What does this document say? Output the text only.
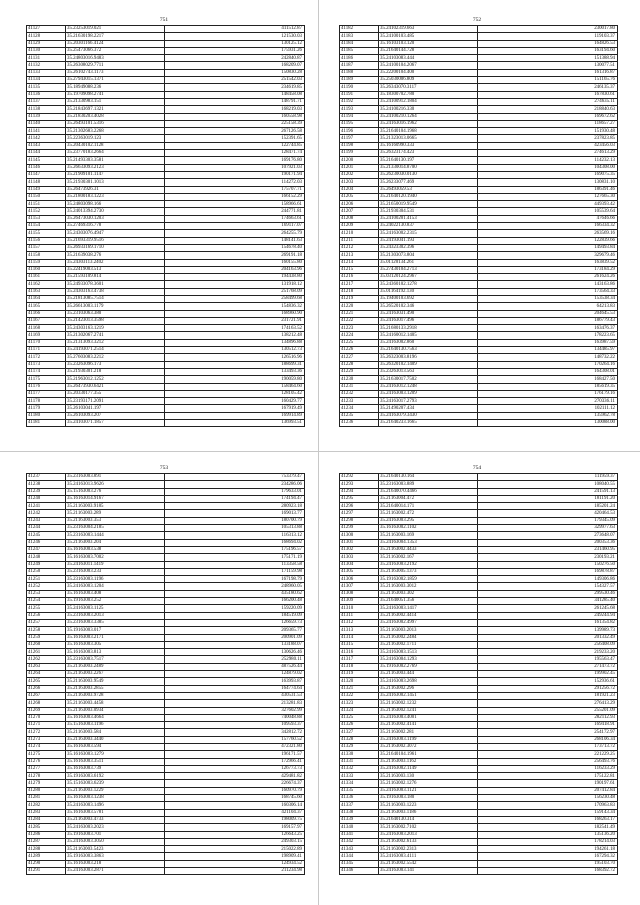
751
41127	35.23253019.021	411512.87
41128	35.21630198.2217	121530.03
41129	35.20301166.4124	130125.12
41130	35.25473066.372	175931.26
41131	35.24803016.9483	242840.87
41132	35.26308029.7711	168209.07
41133	35.26102743.1173	150830.28
41134	35.27943015.1371	251542.03
41135	35.18949088.236	234619.85
41136	35.19709098.2741	148458.08
41137	35.21330983.151	148791.71
41138	35.21843697.1321	168219.03
41139	35.21830203.4028	160558.98
41140	35.26493101.5316	225158.39
41141	35.21302683.2268	267126.58
41142	35.22363019.123	152391.65
41143	35.20430102.1128	122744.85
41144	35.23770183.2664	128471.74
41145	35.21493303.3581	169176.80
41146	35.26633093.2123	107921.03
41147	35.21909101.1147	190171.94
41148	35.21930301.1013	114272.03
41149	35.26473926.31	175707.71
41150	35.21800183.1223	166152.29
41151	35.24803098.166	158966.61
41152	35.24013394.2730	244771.81
41153	35.26473030.1203	174663.61
41154	35.27469316.778	169117.07
41155	35.24303076.4947	264255.79
41156	35.21693319.9516	148141.63
41157	35.26933169.1710	154678.40
41158	35.21639038.276	269191.18
41159	35.24303113.2402	160155.80
41160	35.22419003.513	204163.96
41161	35.21593109.814	194438.80
41162	35.24933078.3601	131918.12
41163	35.24303163.4738	251768.09
41164	35.21813085.7514	258499.68
41165	35.26613003.1179	154836.32
41166	35.23103063.380	168960.90
41167	35.21423013.3598	231721.91
41168	35.24303163.1219	174163.52
41169	35.21302067.2741	138212.48
41170	35.21313093.3212	134896.88
41171	35.24193071.2514	130512.73
41172	35.27603083.2212	126516.96
41173	35.23263096.173	188699.31
41174	35.21930301.218	133493.36
41175	35.21963012.1252	190059.80
41176	35.26473930.6421	158464.60
41177	35.20330177.355	128105.42
41178	35.23193171.2091	160429.77
41179	35.26103041.197	167919.49
41180	35.26103093.207	169914.89
41181	35.24103071.1857	136993.51
752
41182	35.24102319.663	230017.80
41183	35.24100103.485	119103.37
41184	35.16103103.120	164826.53
41185	35.21640144.728	163194.60
41186	35.24103083.444	151388.94
41187	35.24100104.2067	130077.51
41188	35.22200104.400	161316.87
41189	35.25030006.809	151165.76
41190	35.26343070.3117	246135.37
41191	35.18300702.780	167830.61
41192	35.24100912.1804	274635.11
41193	35.24100216.330	218840.63
41194	35.24100210.1264	169672.62
41195	35.24163016.1962	118657.27
41196	35.21640104.1968	151930.48
41197	35.21323013.0665	237823.85
41198	35.16160990.333	423456.03
41199	35.26323174.423	274613.29
41200	35.21640130.197	114232.13
41201	35.21330014.8700	104308.00
41202	35.26230030.0130	169075.35
41203	35.26233077.469	130831.10
41204	35.26493059.53	186391.46
41205	35.21640120.1940	127665.30
41206	35.21650019.9549	449393.42
41207	35.21930304.531	105539.64
41208	35.24100201.4153	47646.66
41209	35.24022130.837	166334.32
41210	35.24163002.2315	263569.16
41211	35.24193041.193	122839.66
41212	35.24323302.396	149493.84
41213	35.21303073.804	329679.46
41214	35.01120134.261	163839.52
41215	35.27430104.2713	173184.29
41216	35.03120124.2967	261624.26
41217	35.24360102.1278	143163.86
41218	35.01164192.130	173564.33
41219	35.19400103.692	153538.34
41220	35.26520102.346	64213.83
41221	35.24163031.490	204645.53
41222	35.24163017.496	186779.43
41223	35.21680133.2918	163476.37
41224	35.24160012.1405	178223.65
41225	35.24163002.860	163987.59
41226	35.21640130.7563	134485.97
41227	35.26323003.8196	148732.22
41228	35.26320102.1409	170264.16
41229	35.23263013.563	164308.01
41230	35.21630017.7502	168427.50
41231	35.24163012.1248	185619.35
41232	35.24163003.1209	176179.16
41233	35.24163017.2793	270336.11
41234	35.21490207.434	102111.12
41235	35.24163079.3430	135962.78
41236	35.21640233.1665	130088.00
753
41237	35.23163003.891	753379.47
41238	35.24163013.9626	234286.06
41239	35.15163003.276	179633.01
41240	35.16163014.9167	174194.47
41241	35.21163003.9185	280923.18
41242	35.21163003.289	169013.77
41243	35.21163003.353	180700.79
41244	35.23163004.2185	105313.88
41245	35.23163003.1444	116313.12
41246	35.21163003.204	168694.02
41247	35.16163003.538	175196.57
41248	35.16163003.7002	175171.19
41249	35.24163011.1419	113358.58
41250	35.23163003.233	171159.98
41251	35.23163003.1196	167198.79
41252	35.24163003.1204	248960.05
41253	35.16163003.408	435180.62
41254	35.19163003.252	166200.48
41255	35.24163003.1125	159220.09
41256	35.23163003.2013	184519.09
41257	35.23163003.3385	126659.73
41258	35.19163003.017	209365.77
41259	35.16163003.2171	200901.09
41260	35.16163003.305	133188.07
41261	35.16163003.813	130626.46
41262	35.23163003.7517	252980.11
41263	35.21163003.2489	487526.44
41264	35.21163003.2267	124879.02
41265	35.21163003.9549	163993.87
41266	35.21163003.2855	164774.64
41267	35.21163003.9728	430531.53
41268	35.21163003.4458	213281.83
41269	35.21163003.0934	327602.99
41270	35.16163003.4664	740048.88
41271	35.15163003.1196	109593.37
41272	35.21163003.584	342812.72
41273	35.21163003.3440	157760.52
41274	35.16163003.594	472321.80
41275	35.16163003.1279	196171.57
41276	35.16163003.3511	172966.41
41277	35.16163003.739	126773.73
41278	35.19163003.6192	429481.82
41279	35.15163003.6239	226674.37
41280	35.21163003.1229	160970.79
41281	35.16163003.1238	168745.60
41282	35.24163003.1496	160306.14
41283	35.16163003.5781	421104.37
41284	35.21163003.4733	198009.75
41285	35.24163003.2023	169157.97
41286	35.19163003.701	126643.25
41287	35.24163003.3050	249303.15
41288	35.21163003.5423	215022.89
41289	35.19163003.3863	198909.41
41290	35.16163003.218	124934.52
41291	35.24163003.2871	211234.98
754
41292	35.21640130.164	111959.37
41293	35.23163003.889	108040.55
41294	35.21640070.4466	241591.13
41295	35.21163004.472	181191.20
41296	35.21640014.171	185201.24
41297	35.21163002.472	420464.53
41298	35.24163003.295	179345.09
41299	35.16163002.1102	329977.63
41300	35.21163003.169	273648.07
41301	35.24163004.1353	200353.36
41302	35.21163002.4433	231460.95
41303	35.21163002.167	230193.21
41304	35.24163003.2192	150276.50
41305	35.21163005.1373	169878.87
41306	35.19163002.1859	149306.86
41307	35.21163003.3012	154327.57
41308	35.21163003.302	299530.46
41309	35.21640051.356	341285.40
41310	35.24163003.1417	261245.68
41311	35.21163002.4414	249244.94
41312	35.24163002.4997	161354.82
41313	35.21163003.2013	139989.73
41314	35.21163002.2484	201332.49
41315	35.21163002.1711	256408.09
41316	35.24163003.1513	219233.20
41317	35.24163004.1293	195563.47
41318	35.19163002.2769	271473.72
41319	35.21163003.444	199902.45
41320	35.24163003.2698	152936.61
41321	35.21163002.296	291256.72
41322	35.24163002.1451	181921.23
41323	35.21163002.1232	276413.29
41324	35.21163002.1241	255201.09
41325	35.24163003.4001	282112.93
41326	35.21163002.4141	169418.91
41327	35.21163002.281	254172.97
41328	35.24163003.1199	268106.34
41329	35.21163002.3072	173713.72
41330	35.21640104.1961	221229.25
41331	35.21163003.1162	256493.76
41332	35.24163002.1149	116233.29
41333	35.21163003.130	175122.81
41334	35.21163002.1276	190197.61
41335	35.24163003.1121	207412.84
41336	35.19163003.180	156230.48
41337	35.21163003.1223	170963.83
41338	35.21163003.1186	159143.34
41339	35.21640130.314	168263.17
41340	35.21163002.7102	182541.49
41341	35.24163003.2013	135136.20
41342	35.21163002.6133	178214.03
41343	35.21163002.2313	194261.18
41344	35.24163003.4111	167294.32
41345	35.21163002.5542	195103.70
41346	35.24163003.141	168392.72
